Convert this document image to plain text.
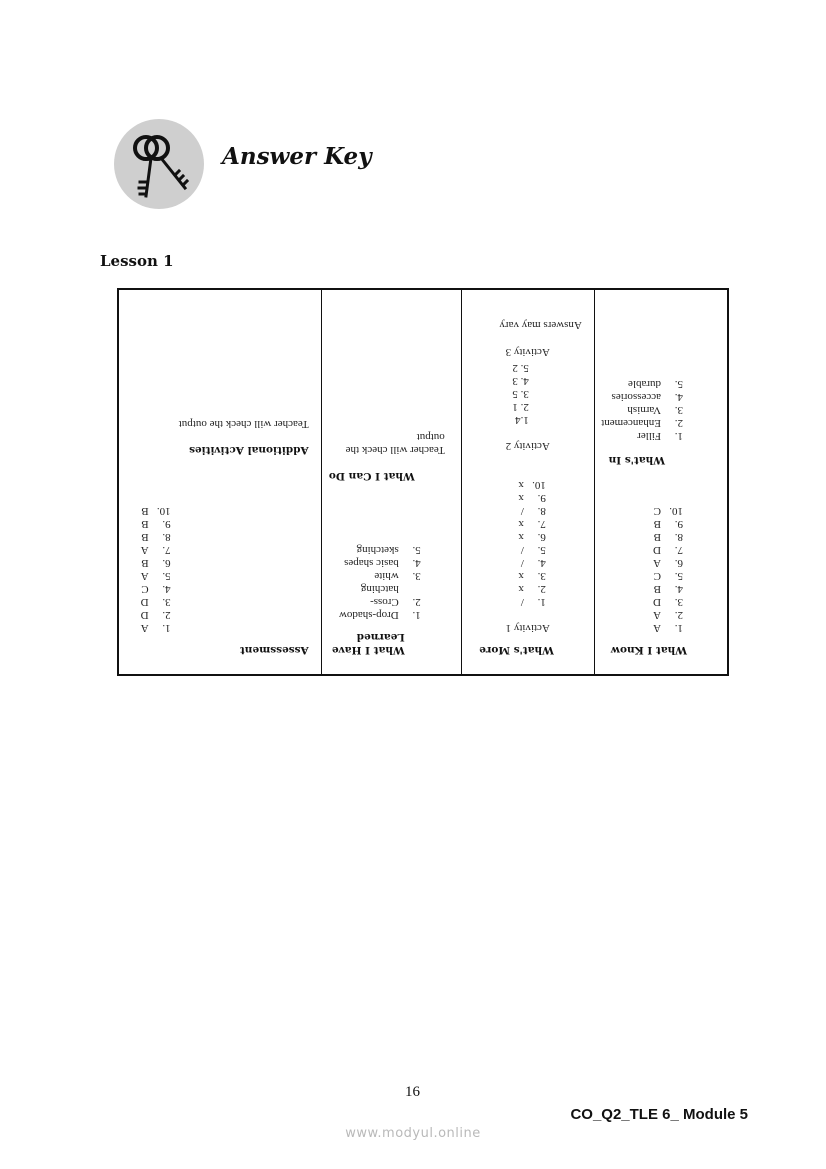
Answer Key
Lesson 1
What I Know
1.A
2.A
3.D
4.B
5.C
6.A
7.D
8.B
9.B
10.C
What's In
1.Filler
2.Enhancement
3.Varnish
4.accessories
5.durable
What's More
Activity 1
1./
2.x
3.x
4./
5./
6.x
7.x
8./
9.x
10.x
Activity 2
1.4
2. 1
3. 5
4. 3
5. 2
Activity 3
Answers may vary
What I Have
Learned
1.Drop-shadow
2.Cross-
hatching
3.white
4.basic shapes
5.sketching
What I Can Do
Teacher will check the
output
Assessment
1.A
2.D
3.D
4.C
5.A
6.B
7.A
8.B
9.B
10.B
Additional Activities
Teacher will check the output
16
CO_Q2_TLE 6_ Module 5
www.modyul.online
